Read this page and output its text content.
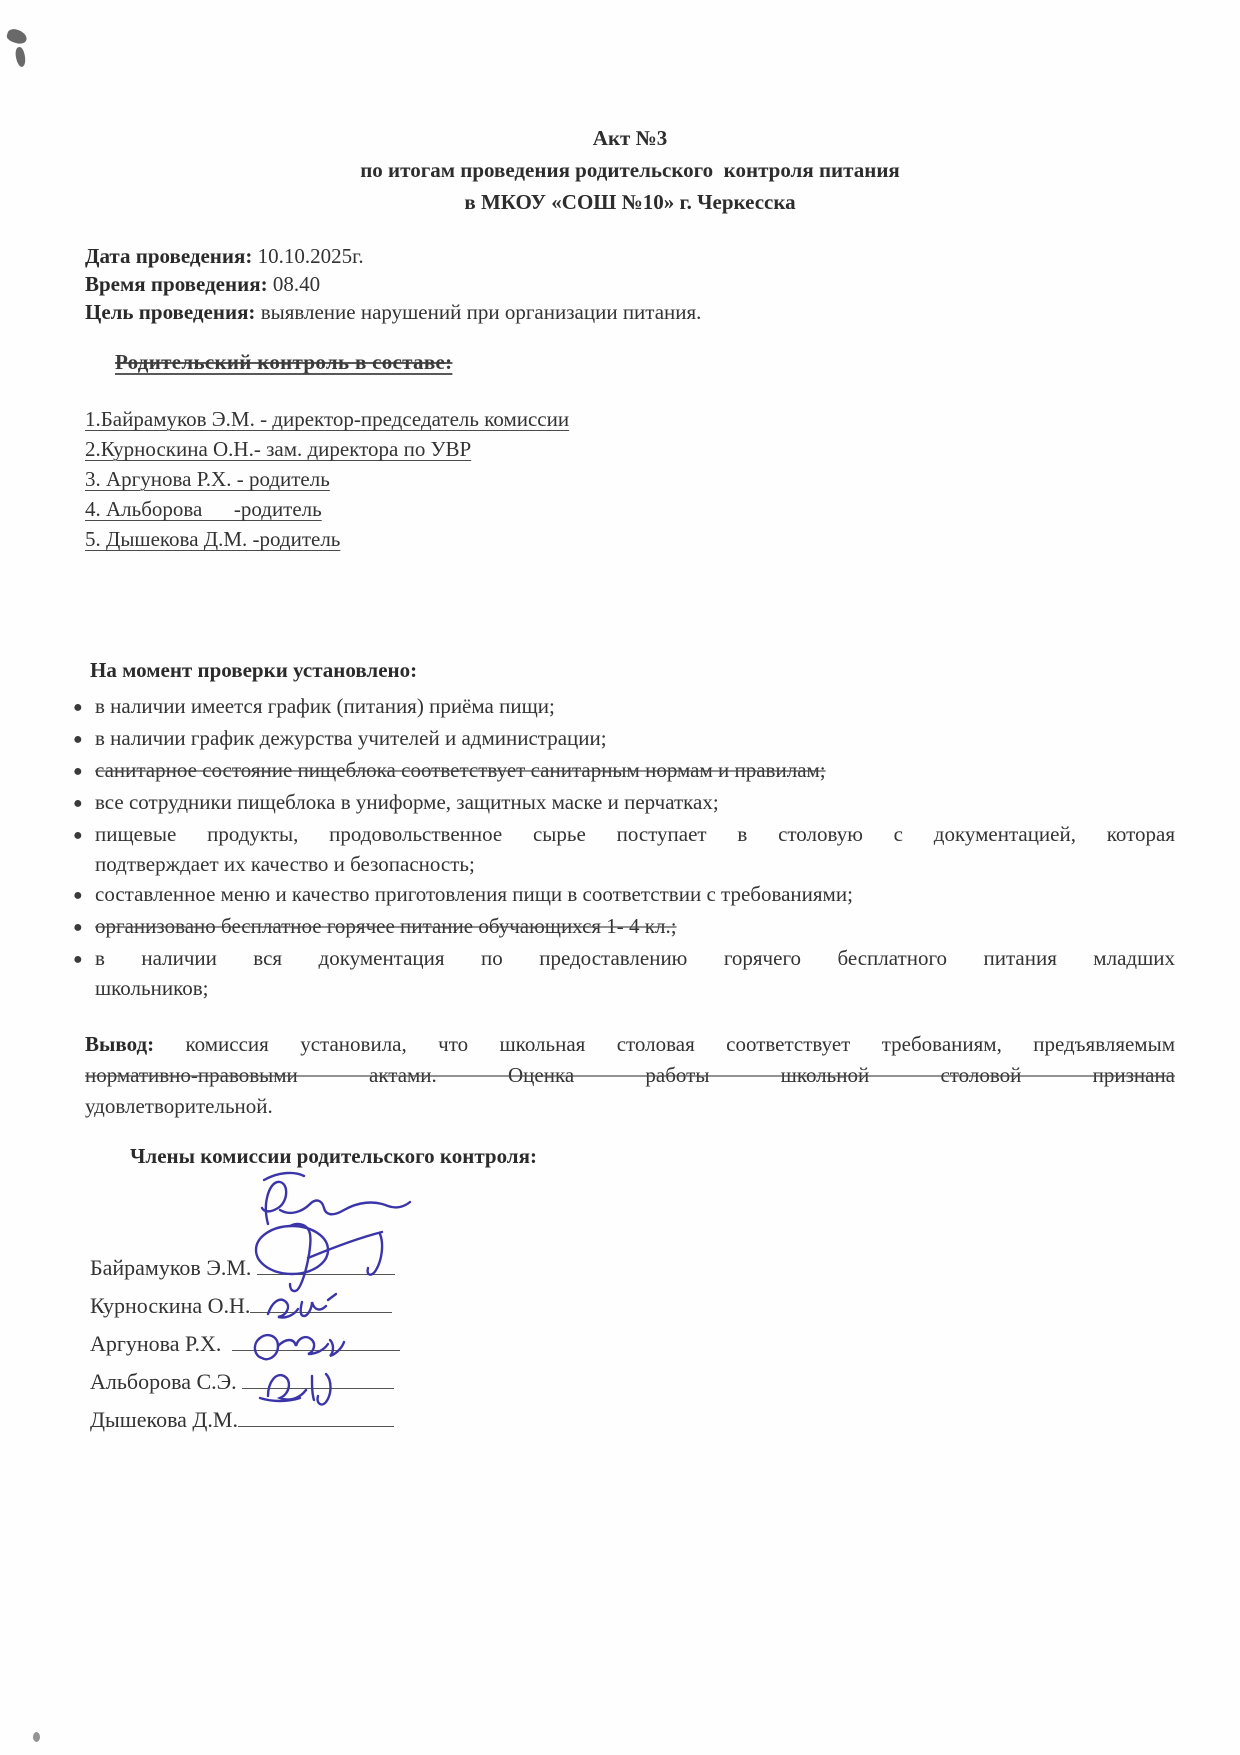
Акт №3
по итогам проведения родительского  контроля питания
в МКОУ «СОШ №10» г. Черкесска
Дата проведения: 10.10.2025г.
Время проведения: 08.40
Цель проведения: выявление нарушений при организации питания.
Родительский контроль в составе:
1.Байрамуков Э.М. - директор-председатель комиссии
2.Курноскина О.Н.- зам. директора по УВР
3. Аргунова Р.Х. - родитель
4. Альборова      -родитель
5. Дышекова Д.М. -родитель
На момент проверки установлено:
● в наличии имеется график (питания) приёма пищи;
● в наличии график дежурства учителей и администрации;
● санитарное состояние пищеблока соответствует санитарным нормам и правилам;
● все сотрудники пищеблока в униформе, защитных маске и перчатках;
● пищевые продукты, продовольственное сырье поступает в столовую с документацией, которая
подтверждает их качество и безопасность;
● составленное меню и качество приготовления пищи в соответствии с требованиями;
● организовано бесплатное горячее питание обучающихся 1- 4 кл.;
● в наличии вся документация по предоставлению горячего бесплатного питания младших
школьников;
Вывод: комиссия установила, что школьная столовая соответствует требованиям, предъявляемым
нормативно-правовыми актами. Оценка работы школьной столовой признана
удовлетворительной.
Члены комиссии родительского контроля:
Байрамуков Э.М.
Курноскина О.Н.
Аргунова Р.Х.
Альборова С.Э.
Дышекова Д.М.
